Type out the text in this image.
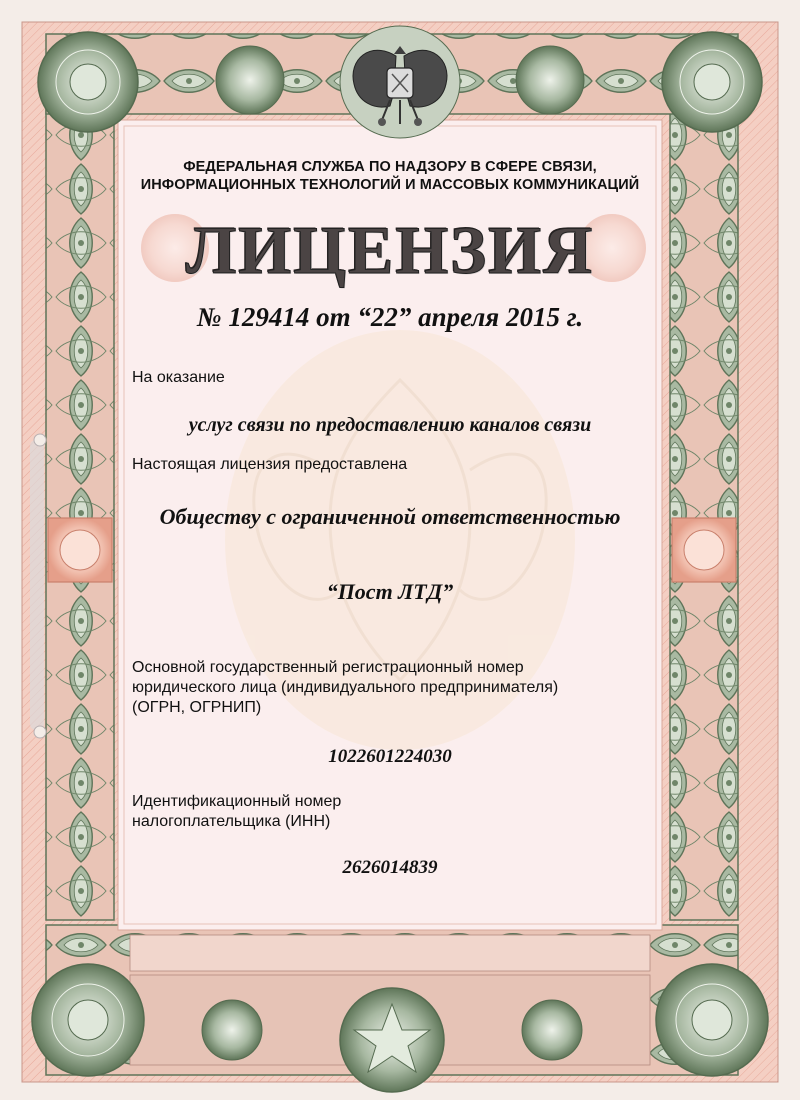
ФЕДЕРАЛЬНАЯ СЛУЖБА ПО НАДЗОРУ В СФЕРЕ СВЯЗИ,
ИНФОРМАЦИОННЫХ ТЕХНОЛОГИЙ И МАССОВЫХ КОММУНИКАЦИЙ

ЛИЦЕНЗИЯ

№ 129414 от “22” апреля 2015 г.

На оказание

услуг связи по предоставлению каналов связи

Настоящая лицензия предоставлена

Обществу с ограниченной ответственностью

“Пост ЛТД”

Основной государственный регистрационный номер
юридического лица (индивидуального предпринимателя)
(ОГРН, ОГРНИП)

1022601224030

Идентификационный номер
налогоплательщика (ИНН)

2626014839
